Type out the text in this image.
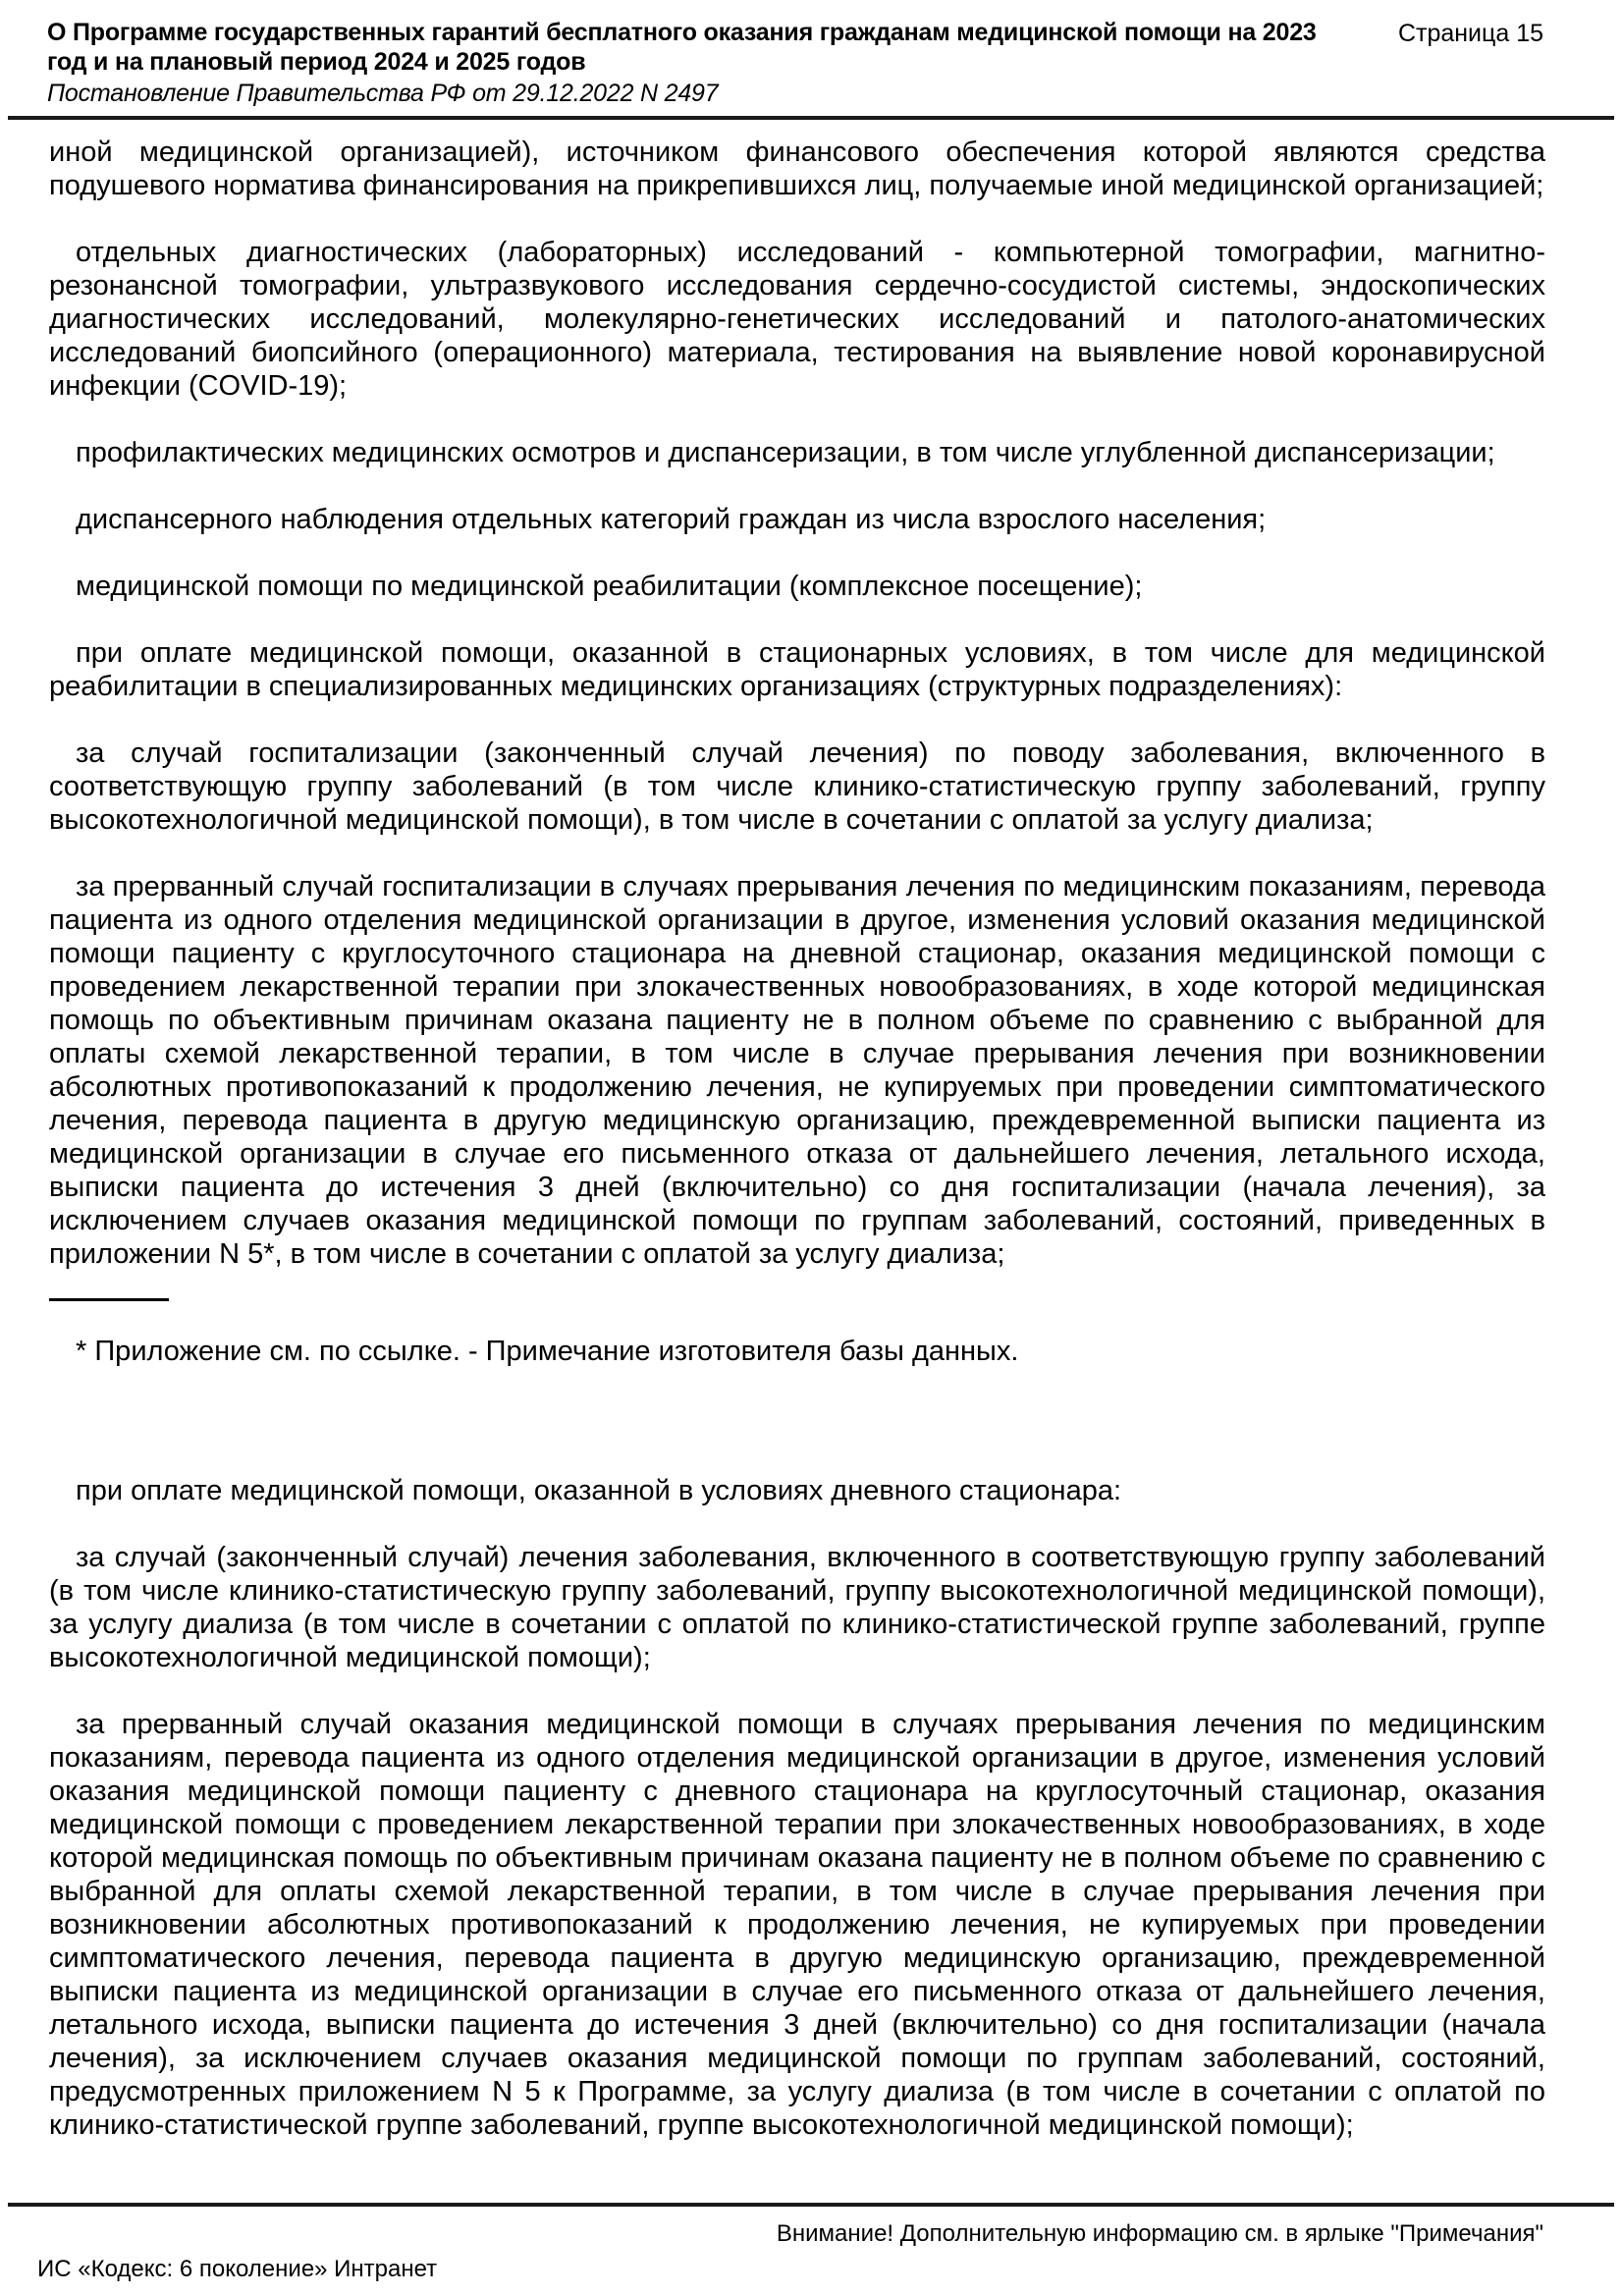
О Программе государственных гарантий бесплатного оказания гражданам медицинской помощи на 2023 год и на плановый период 2024 и 2025 годов
Страница 15
Постановление Правительства РФ от 29.12.2022 N 2497

иной медицинской организацией), источником финансового обеспечения которой являются средства подушевого норматива финансирования на прикрепившихся лиц, получаемые иной медицинской организацией;

отдельных диагностических (лабораторных) исследований - компьютерной томографии, магнитно-резонансной томографии, ультразвукового исследования сердечно-сосудистой системы, эндоскопических диагностических исследований, молекулярно-генетических исследований и патолого-анатомических исследований биопсийного (операционного) материала, тестирования на выявление новой коронавирусной инфекции (COVID-19);

профилактических медицинских осмотров и диспансеризации, в том числе углубленной диспансеризации;

диспансерного наблюдения отдельных категорий граждан из числа взрослого населения;

медицинской помощи по медицинской реабилитации (комплексное посещение);

при оплате медицинской помощи, оказанной в стационарных условиях, в том числе для медицинской реабилитации в специализированных медицинских организациях (структурных подразделениях):

за случай госпитализации (законченный случай лечения) по поводу заболевания, включенного в соответствующую группу заболеваний (в том числе клинико-статистическую группу заболеваний, группу высокотехнологичной медицинской помощи), в том числе в сочетании с оплатой за услугу диализа;

за прерванный случай госпитализации в случаях прерывания лечения по медицинским показаниям, перевода пациента из одного отделения медицинской организации в другое, изменения условий оказания медицинской помощи пациенту с круглосуточного стационара на дневной стационар, оказания медицинской помощи с проведением лекарственной терапии при злокачественных новообразованиях, в ходе которой медицинская помощь по объективным причинам оказана пациенту не в полном объеме по сравнению с выбранной для оплаты схемой лекарственной терапии, в том числе в случае прерывания лечения при возникновении абсолютных противопоказаний к продолжению лечения, не купируемых при проведении симптоматического лечения, перевода пациента в другую медицинскую организацию, преждевременной выписки пациента из медицинской организации в случае его письменного отказа от дальнейшего лечения, летального исхода, выписки пациента до истечения 3 дней (включительно) со дня госпитализации (начала лечения), за исключением случаев оказания медицинской помощи по группам заболеваний, состояний, приведенных в приложении N 5*, в том числе в сочетании с оплатой за услугу диализа;

* Приложение см. по ссылке. - Примечание изготовителя базы данных.

при оплате медицинской помощи, оказанной в условиях дневного стационара:

за случай (законченный случай) лечения заболевания, включенного в соответствующую группу заболеваний (в том числе клинико-статистическую группу заболеваний, группу высокотехнологичной медицинской помощи), за услугу диализа (в том числе в сочетании с оплатой по клинико-статистической группе заболеваний, группе высокотехнологичной медицинской помощи);

за прерванный случай оказания медицинской помощи в случаях прерывания лечения по медицинским показаниям, перевода пациента из одного отделения медицинской организации в другое, изменения условий оказания медицинской помощи пациенту с дневного стационара на круглосуточный стационар, оказания медицинской помощи с проведением лекарственной терапии при злокачественных новообразованиях, в ходе которой медицинская помощь по объективным причинам оказана пациенту не в полном объеме по сравнению с выбранной для оплаты схемой лекарственной терапии, в том числе в случае прерывания лечения при возникновении абсолютных противопоказаний к продолжению лечения, не купируемых при проведении симптоматического лечения, перевода пациента в другую медицинскую организацию, преждевременной выписки пациента из медицинской организации в случае его письменного отказа от дальнейшего лечения, летального исхода, выписки пациента до истечения 3 дней (включительно) со дня госпитализации (начала лечения), за исключением случаев оказания медицинской помощи по группам заболеваний, состояний, предусмотренных приложением N 5 к Программе, за услугу диализа (в том числе в сочетании с оплатой по клинико-статистической группе заболеваний, группе высокотехнологичной медицинской помощи);

Внимание! Дополнительную информацию см. в ярлыке "Примечания"
ИС «Кодекс: 6 поколение» Интранет
